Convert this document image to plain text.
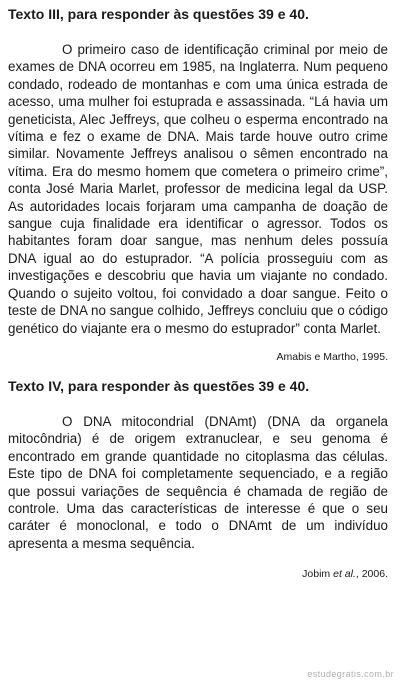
Texto III, para responder às questões 39 e 40.

O primeiro caso de identificação criminal por meio de exames de DNA ocorreu em 1985, na Inglaterra. Num pequeno condado, rodeado de montanhas e com uma única estrada de acesso, uma mulher foi estuprada e assassinada. “Lá havia um geneticista, Alec Jeffreys, que colheu o esperma encontrado na vítima e fez o exame de DNA. Mais tarde houve outro crime similar. Novamente Jeffreys analisou o sêmen encontrado na vítima. Era do mesmo homem que cometera o primeiro crime”, conta José Maria Marlet, professor de medicina legal da USP. As autoridades locais forjaram uma campanha de doação de sangue cuja finalidade era identificar o agressor. Todos os habitantes foram doar sangue, mas nenhum deles possuía DNA igual ao do estuprador. “A polícia prosseguiu com as investigações e descobriu que havia um viajante no condado. Quando o sujeito voltou, foi convidado a doar sangue. Feito o teste de DNA no sangue colhido, Jeffreys concluiu que o código genético do viajante era o mesmo do estuprador” conta Marlet.

Amabis e Martho, 1995.

Texto IV, para responder às questões 39 e 40.

O DNA mitocondrial (DNAmt) (DNA da organela mitocôndria) é de origem extranuclear, e seu genoma é encontrado em grande quantidade no citoplasma das células. Este tipo de DNA foi completamente sequenciado, e a região que possui variações de sequência é chamada de região de controle. Uma das características de interesse é que o seu caráter é monoclonal, e todo o DNAmt de um indivíduo apresenta a mesma sequência.

Jobim et al., 2006.

estudegratis.com.br
